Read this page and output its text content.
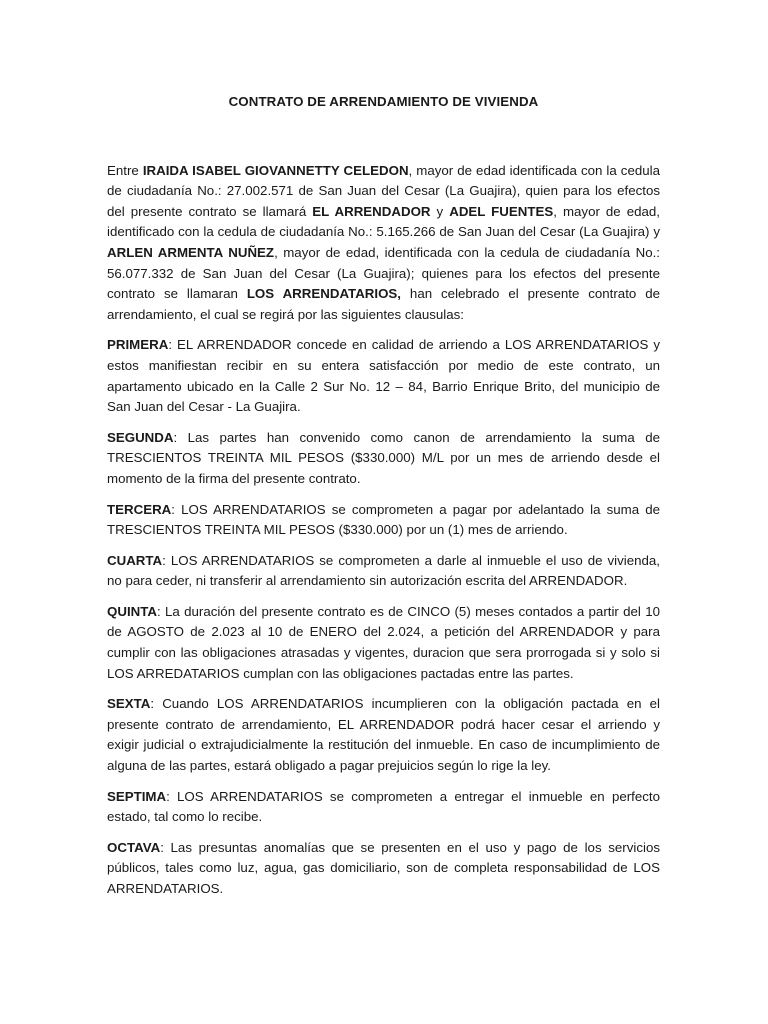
CONTRATO DE ARRENDAMIENTO DE VIVIENDA

Entre IRAIDA ISABEL GIOVANNETTY CELEDON, mayor de edad identificada con la cedula de ciudadanía No.: 27.002.571 de San Juan del Cesar (La Guajira), quien para los efectos del presente contrato se llamará EL ARRENDADOR y ADEL FUENTES, mayor de edad, identificado con la cedula de ciudadanía No.: 5.165.266 de San Juan del Cesar (La Guajira) y ARLEN ARMENTA NUÑEZ, mayor de edad, identificada con la cedula de ciudadanía No.: 56.077.332 de San Juan del Cesar (La Guajira); quienes para los efectos del presente contrato se llamaran LOS ARRENDATARIOS, han celebrado el presente contrato de arrendamiento, el cual se regirá por las siguientes clausulas:

PRIMERA: EL ARRENDADOR concede en calidad de arriendo a LOS ARRENDATARIOS y estos manifiestan recibir en su entera satisfacción por medio de este contrato, un apartamento ubicado en la Calle 2 Sur No. 12 – 84, Barrio Enrique Brito, del municipio de San Juan del Cesar - La Guajira.

SEGUNDA: Las partes han convenido como canon de arrendamiento la suma de TRESCIENTOS TREINTA MIL PESOS ($330.000) M/L por un mes de arriendo desde el momento de la firma del presente contrato.

TERCERA: LOS ARRENDATARIOS se comprometen a pagar por adelantado la suma de TRESCIENTOS TREINTA MIL PESOS ($330.000) por un (1) mes de arriendo.

CUARTA: LOS ARRENDATARIOS se comprometen a darle al inmueble el uso de vivienda, no para ceder, ni transferir al arrendamiento sin autorización escrita del ARRENDADOR.

QUINTA: La duración del presente contrato es de CINCO (5) meses contados a partir del 10 de AGOSTO de 2.023 al 10 de ENERO del 2.024, a petición del ARRENDADOR y para cumplir con las obligaciones atrasadas y vigentes, duracion que sera prorrogada si y solo si LOS ARREDATARIOS cumplan con las obligaciones pactadas entre las partes.

SEXTA: Cuando LOS ARRENDATARIOS incumplieren con la obligación pactada en el presente contrato de arrendamiento, EL ARRENDADOR podrá hacer cesar el arriendo y exigir judicial o extrajudicialmente la restitución del inmueble. En caso de incumplimiento de alguna de las partes, estará obligado a pagar prejuicios según lo rige la ley.

SEPTIMA: LOS ARRENDATARIOS se comprometen a entregar el inmueble en perfecto estado, tal como lo recibe.

OCTAVA: Las presuntas anomalías que se presenten en el uso y pago de los servicios públicos, tales como luz, agua, gas domiciliario, son de completa responsabilidad de LOS ARRENDATARIOS.
